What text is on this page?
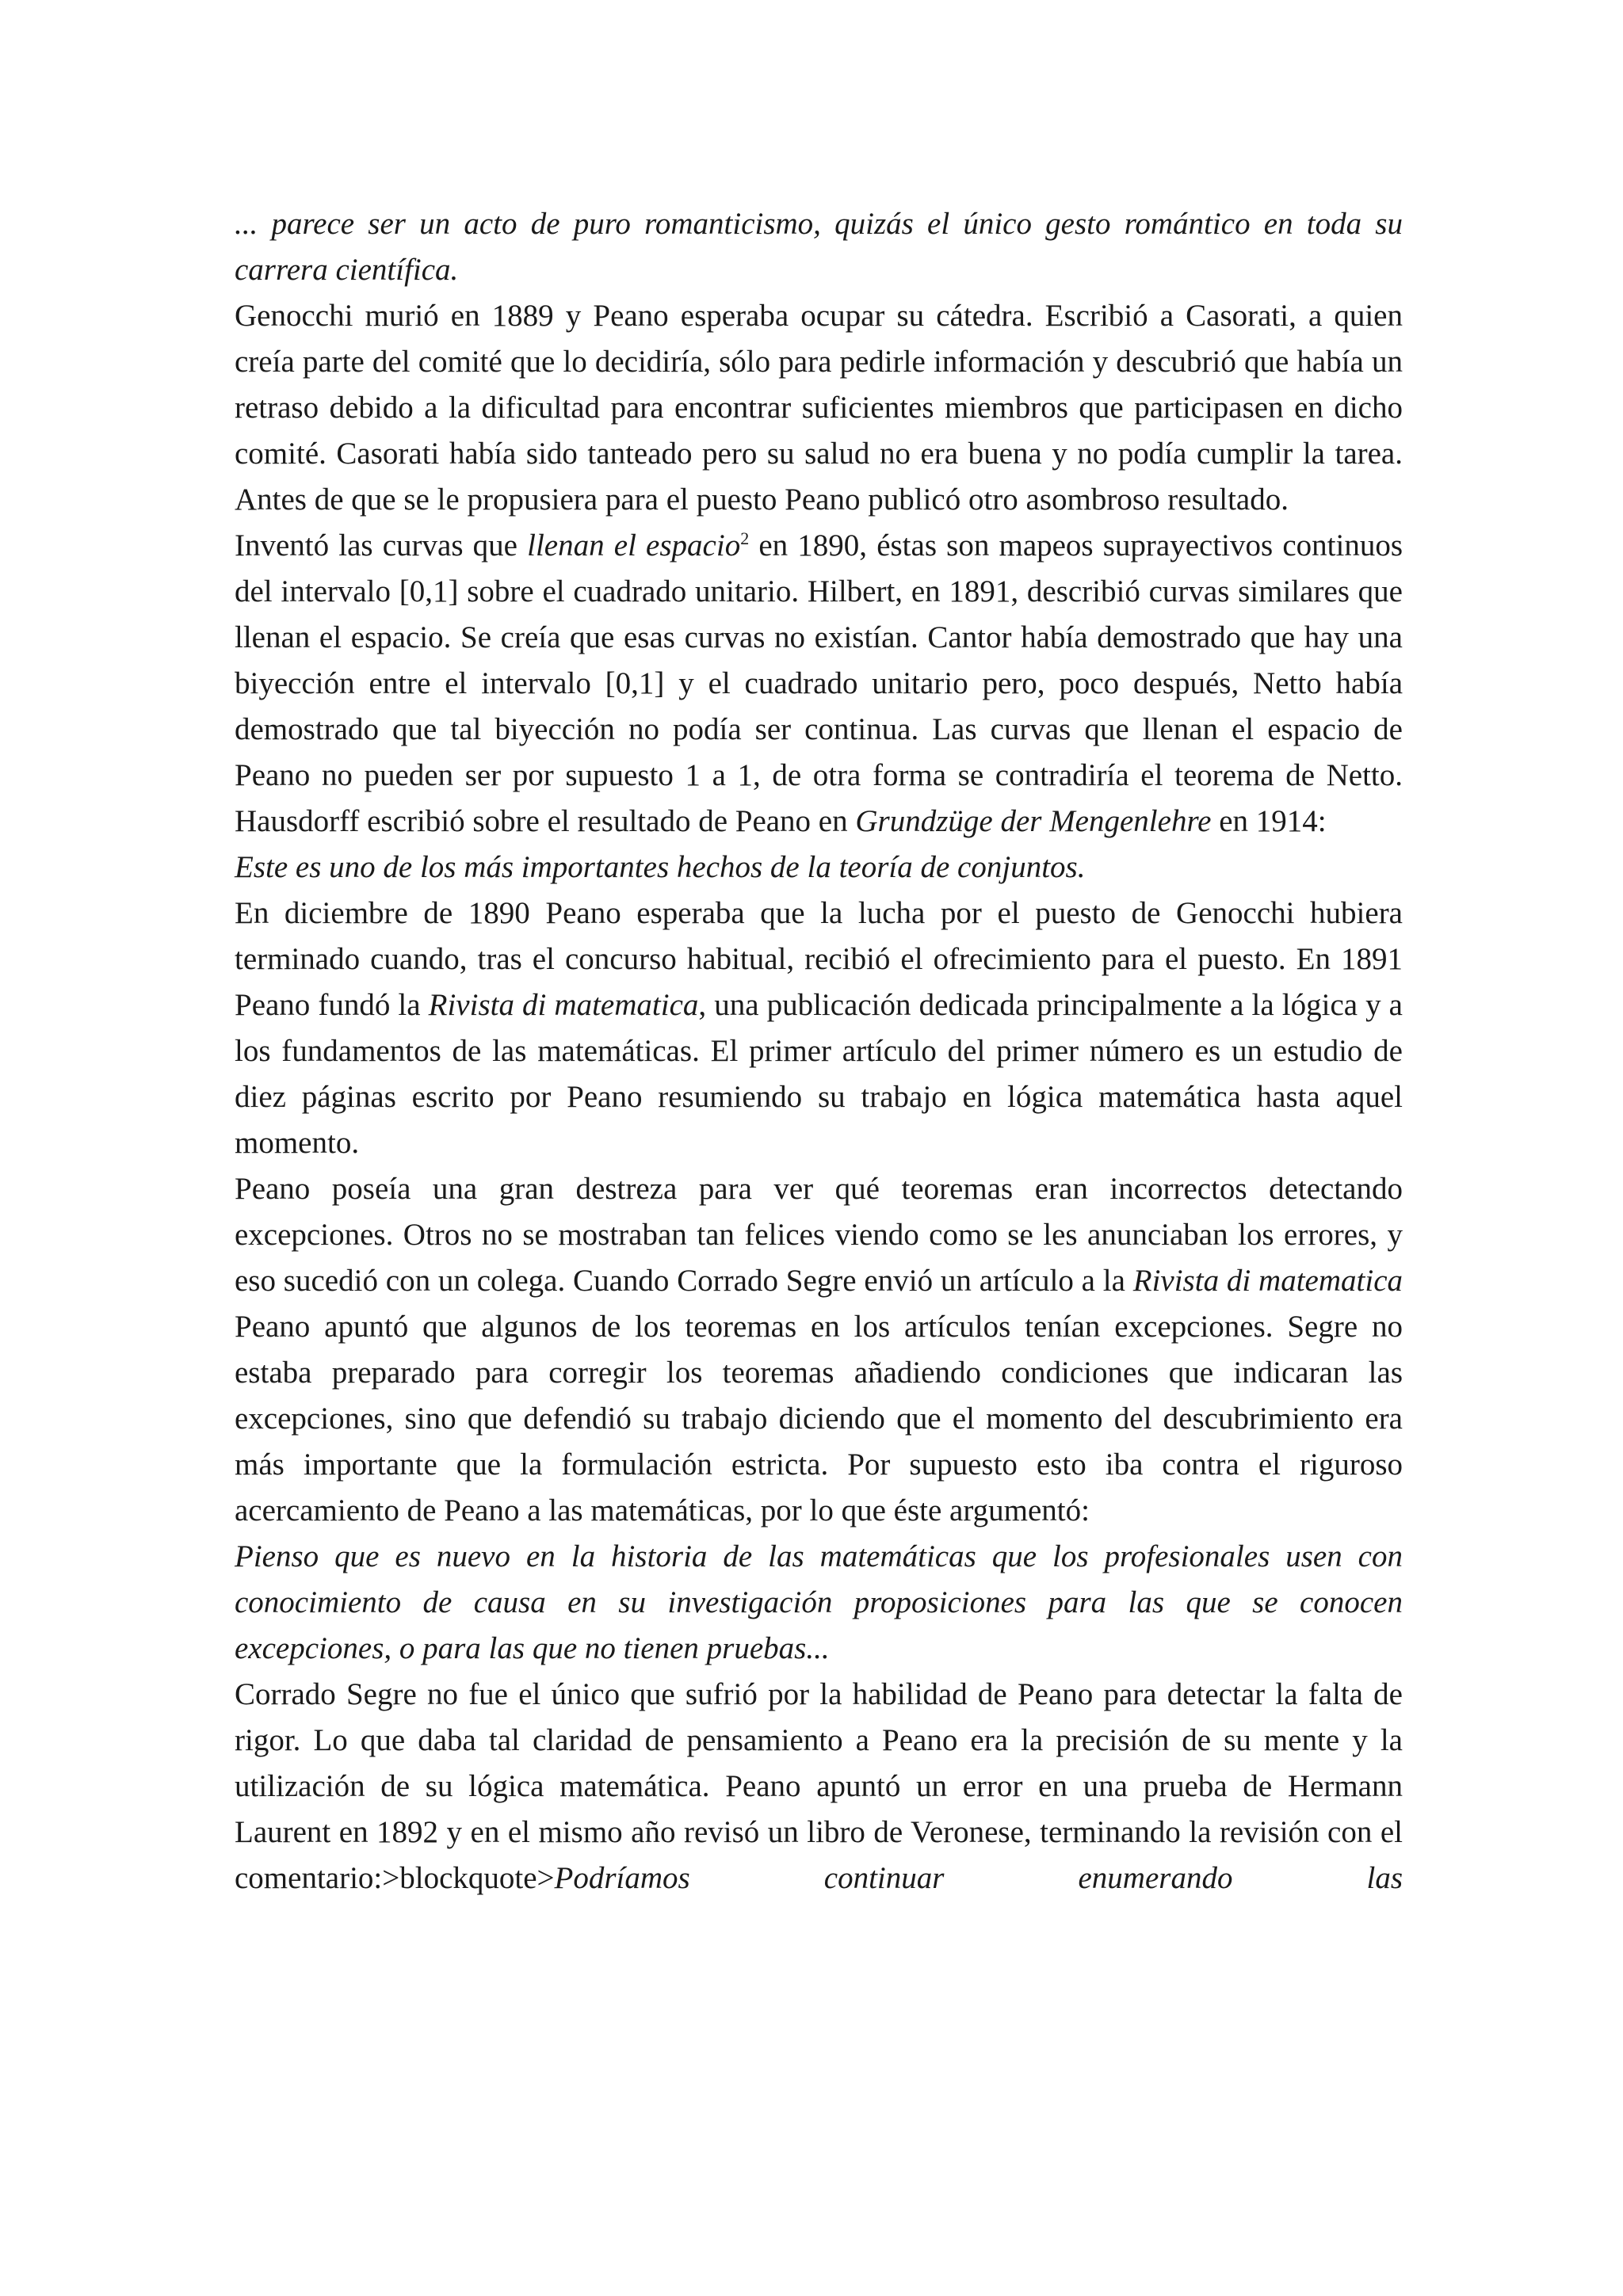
... parece ser un acto de puro romanticismo, quizás el único gesto romántico en toda su carrera científica.

Genocchi murió en 1889 y Peano esperaba ocupar su cátedra. Escribió a Casorati, a quien creía parte del comité que lo decidiría, sólo para pedirle información y descubrió que había un retraso debido a la dificultad para encontrar suficientes miembros que participasen en dicho comité. Casorati había sido tanteado pero su salud no era buena y no podía cumplir la tarea. Antes de que se le propusiera para el puesto Peano publicó otro asombroso resultado.

Inventó las curvas que llenan el espacio$^2$ en 1890, éstas son mapeos suprayectivos continuos del intervalo [0,1] sobre el cuadrado unitario. Hilbert, en 1891, describió curvas similares que llenan el espacio. Se creía que esas curvas no existían. Cantor había demostrado que hay una biyección entre el intervalo [0,1] y el cuadrado unitario pero, poco después, Netto había demostrado que tal biyección no podía ser continua. Las curvas que llenan el espacio de Peano no pueden ser por supuesto 1 a 1, de otra forma se contradiría el teorema de Netto. Hausdorff escribió sobre el resultado de Peano en Grundzüge der Mengenlehre en 1914:

Este es uno de los más importantes hechos de la teoría de conjuntos.

En diciembre de 1890 Peano esperaba que la lucha por el puesto de Genocchi hubiera terminado cuando, tras el concurso habitual, recibió el ofrecimiento para el puesto. En 1891 Peano fundó la Rivista di matematica, una publicación dedicada principalmente a la lógica y a los fundamentos de las matemáticas. El primer artículo del primer número es un estudio de diez páginas escrito por Peano resumiendo su trabajo en lógica matemática hasta aquel momento.

Peano poseía una gran destreza para ver qué teoremas eran incorrectos detectando excepciones. Otros no se mostraban tan felices viendo como se les anunciaban los errores, y eso sucedió con un colega. Cuando Corrado Segre envió un artículo a la Rivista di matematica Peano apuntó que algunos de los teoremas en los artículos tenían excepciones. Segre no estaba preparado para corregir los teoremas añadiendo condiciones que indicaran las excepciones, sino que defendió su trabajo diciendo que el momento del descubrimiento era más importante que la formulación estricta. Por supuesto esto iba contra el riguroso acercamiento de Peano a las matemáticas, por lo que éste argumentó:

Pienso que es nuevo en la historia de las matemáticas que los profesionales usen con conocimiento de causa en su investigación proposiciones para las que se conocen excepciones, o para las que no tienen pruebas...

Corrado Segre no fue el único que sufrió por la habilidad de Peano para detectar la falta de rigor. Lo que daba tal claridad de pensamiento a Peano era la precisión de su mente y la utilización de su lógica matemática. Peano apuntó un error en una prueba de Hermann Laurent en 1892 y en el mismo año revisó un libro de Veronese, terminando la revisión con el comentario:>blockquote>Podríamos continuar enumerando las
